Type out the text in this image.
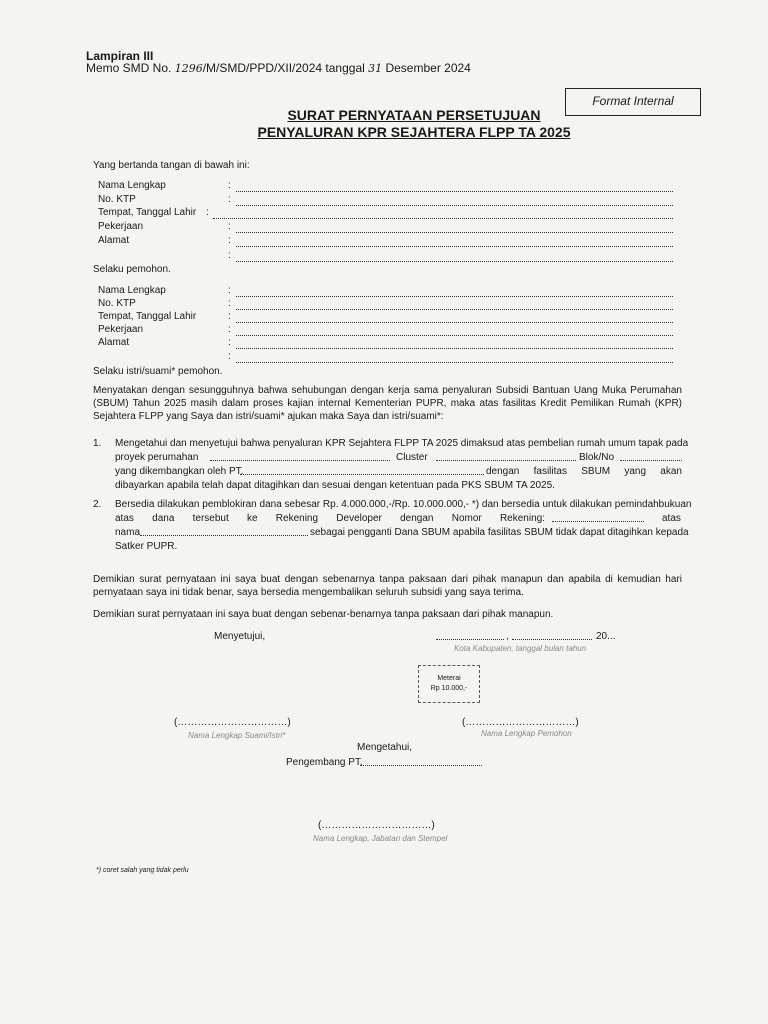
Lampiran III
Memo SMD No. 1296/M/SMD/PPD/XII/2024 tanggal 31 Desember 2024
Format Internal
SURAT PERNYATAAN PERSETUJUAN
PENYALURAN KPR SEJAHTERA FLPP TA 2025
Yang bertanda tangan di bawah ini:
Nama Lengkap	:
No. KTP	:
Tempat, Tanggal Lahir :
Pekerjaan	:
Alamat	:
:
Selaku pemohon.
Nama Lengkap	:
No. KTP	:
Tempat, Tanggal Lahir	:
Pekerjaan	:
Alamat	:
:
Selaku istri/suami* pemohon.
Menyatakan dengan sesungguhnya bahwa sehubungan dengan kerja sama penyaluran Subsidi Bantuan Uang Muka Perumahan (SBUM) Tahun 2025 masih dalam proses kajian internal Kementerian PUPR, maka atas fasilitas Kredit Pemilikan Rumah (KPR) Sejahtera FLPP yang Saya dan istri/suami* ajukan maka Saya dan istri/suami*:
1. Mengetahui dan menyetujui bahwa penyaluran KPR Sejahtera FLPP TA 2025 dimaksud atas pembelian rumah umum tapak pada
proyek perumahan	Cluster	Blok/No
yang dikembangkan oleh PT.	dengan fasilitas SBUM yang akan
dibayarkan apabila telah dapat ditagihkan dan sesuai dengan ketentuan pada PKS SBUM TA 2025.
2. Bersedia dilakukan pemblokiran dana sebesar Rp. 4.000.000,-/Rp. 10.000.000,- *) dan bersedia untuk dilakukan pemindahbukuan
atas dana tersebut ke Rekening Developer dengan Nomor Rekening:	atas
nama	sebagai pengganti Dana SBUM apabila fasilitas SBUM tidak dapat ditagihkan kepada
Satker PUPR.
Demikian surat pernyataan ini saya buat dengan sebenarnya tanpa paksaan dari pihak manapun dan apabila di kemudian hari pernyataan saya ini tidak benar, saya bersedia mengembalikan seluruh subsidi yang saya terima.
Demikian surat pernyataan ini saya buat dengan sebenar-benarnya tanpa paksaan dari pihak manapun.
Menyetujui,	,	20...
Kota Kabupaten, tanggal bulan tahun
Meterai
Rp 10.000,-
(……………………………)
Nama Lengkap Suami/Istri*
(……………………………)
Nama Lengkap Pemohon
Mengetahui,
Pengembang PT.
(……………………………)
Nama Lengkap, Jabatan dan Stempel
*) coret salah yang tidak perlu
